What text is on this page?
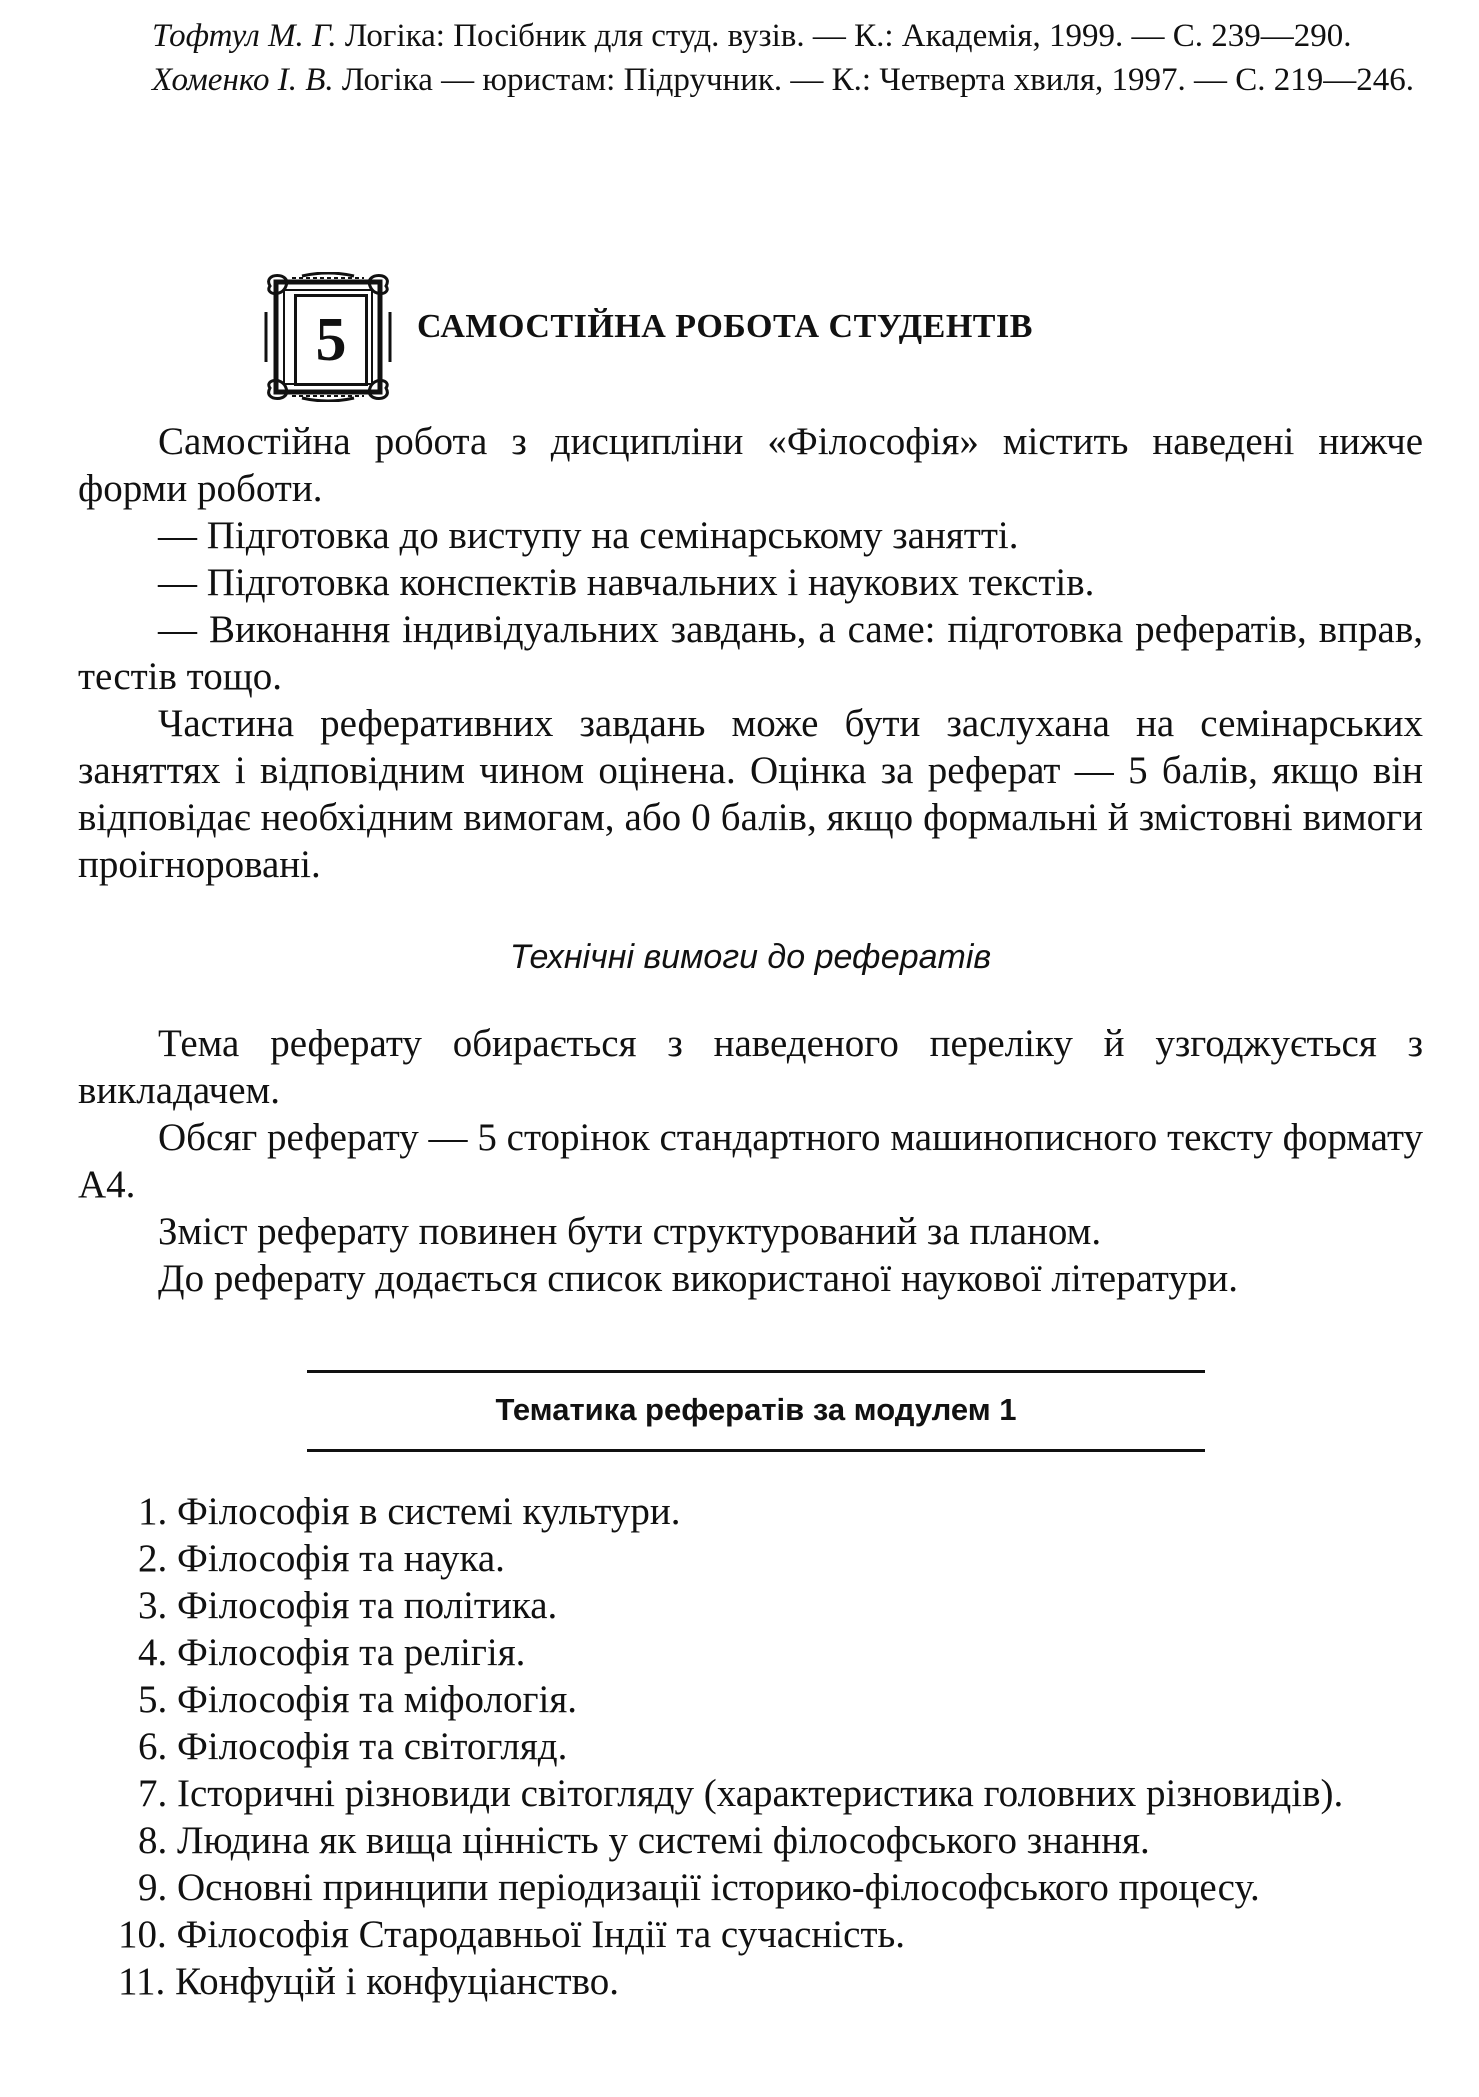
Тофтул М. Г. Логіка: Посібник для студ. вузів. — К.: Академія, 1999. — С. 239—290.

Хоменко І. В. Логіка — юристам: Підручник. — К.: Четверта хвиля, 1997. — С. 219—246.

5	САМОСТІЙНА РОБОТА СТУДЕНТІВ

Самостійна робота з дисципліни «Філософія» містить наведені нижче форми роботи.

— Підготовка до виступу на семінарському занятті.

— Підготовка конспектів навчальних і наукових текстів.

— Виконання індивідуальних завдань, а саме: підготовка рефератів, вправ, тестів тощо.

Частина реферативних завдань може бути заслухана на семінарських заняттях і відповідним чином оцінена. Оцінка за реферат — 5 балів, якщо він відповідає необхідним вимогам, або 0 балів, якщо формальні й змістовні вимоги проігноровані.

Технічні вимоги до рефератів

Тема реферату обирається з наведеного переліку й узгоджується з викладачем.

Обсяг реферату — 5 сторінок стандартного машинописного тексту формату А4.

Зміст реферату повинен бути структурований за планом.

До реферату додається список використаної наукової літератури.

Тематика рефератів за модулем 1

1. Філософія в системі культури.

2. Філософія та наука.

3. Філософія та політика.

4. Філософія та релігія.

5. Філософія та міфологія.

6. Філософія та світогляд.

7. Історичні різновиди світогляду (характеристика головних різновидів).

8. Людина як вища цінність у системі філософського знання.

9. Основні принципи періодизації історико-філософського процесу.

10. Філософія Стародавньої Індії та сучасність.

11. Конфуцій і конфуціанство.
